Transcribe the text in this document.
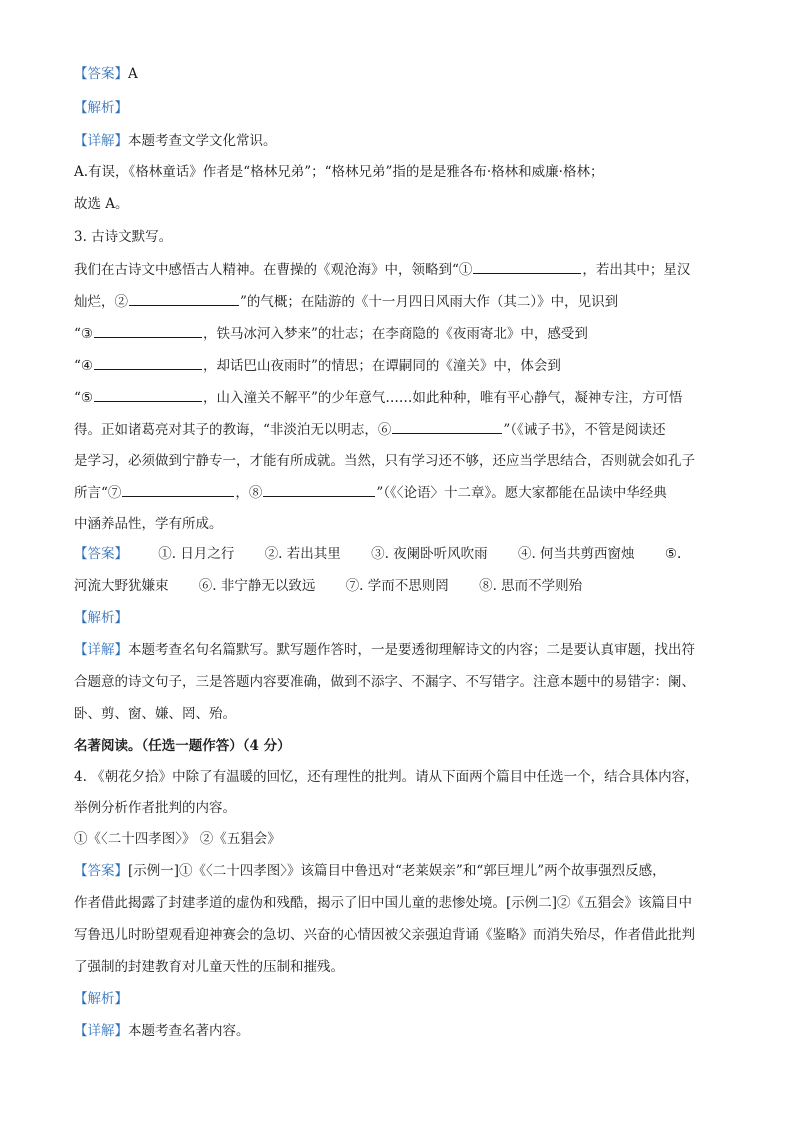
【答案】A
【解析】
【详解】本题考查文学文化常识。
A.有误，《格林童话》作者是“格林兄弟”；“格林兄弟”指的是是雅各布·格林和威廉·格林；
故选 A。
3. 古诗文默写。
我们在古诗文中感悟古人精神。在曹操的《观沧海》中，领略到“①	，若出其中；星汉
灿烂，②	”的气概；在陆游的《十一月四日风雨大作（其二）》中，见识到
“③	，铁马冰河入梦来”的壮志；在李商隐的《夜雨寄北》中，感受到
“④	，却话巴山夜雨时”的情思；在谭嗣同的《潼关》中，体会到
“⑤	，山入潼关不解平”的少年意气……如此种种，唯有平心静气，凝神专注，方可悟
得。正如诸葛亮对其子的教诲，“非淡泊无以明志，⑥	”（《诫子书》，不管是阅读还
是学习，必须做到宁静专一，才能有所成就。当然，只有学习还不够，还应当学思结合，否则就会如孔子
所言“⑦	，⑧	”（《〈论语〉十二章》。愿大家都能在品读中华经典
中涵养品性，学有所成。
【答案】 ①. 日月之行 ②. 若出其里 ③. 夜阑卧听风吹雨 ④. 何当共剪西窗烛 ⑤.
河流大野犹嫌束 ⑥. 非宁静无以致远 ⑦. 学而不思则罔 ⑧. 思而不学则殆
【解析】
【详解】本题考查名句名篇默写。默写题作答时，一是要透彻理解诗文的内容；二是要认真审题，找出符
合题意的诗文句子，三是答题内容要准确，做到不添字、不漏字、不写错字。注意本题中的易错字：阑、
卧、剪、窗、嫌、罔、殆。
名著阅读。（任选一题作答）（4 分）
4. 《朝花夕拾》中除了有温暖的回忆，还有理性的批判。请从下面两个篇目中任选一个，结合具体内容，
举例分析作者批判的内容。
①《〈二十四孝图〉》 ②《五猖会》
【答案】[示例一]①《〈二十四孝图〉》该篇目中鲁迅对“老莱娱亲”和“郭巨埋儿”两个故事强烈反感，
作者借此揭露了封建孝道的虚伪和残酷，揭示了旧中国儿童的悲惨处境。[示例二]②《五猖会》该篇目中
写鲁迅儿时盼望观看迎神赛会的急切、兴奋的心情因被父亲强迫背诵《鉴略》而消失殆尽，作者借此批判
了强制的封建教育对儿童天性的压制和摧残。
【解析】
【详解】本题考查名著内容。
